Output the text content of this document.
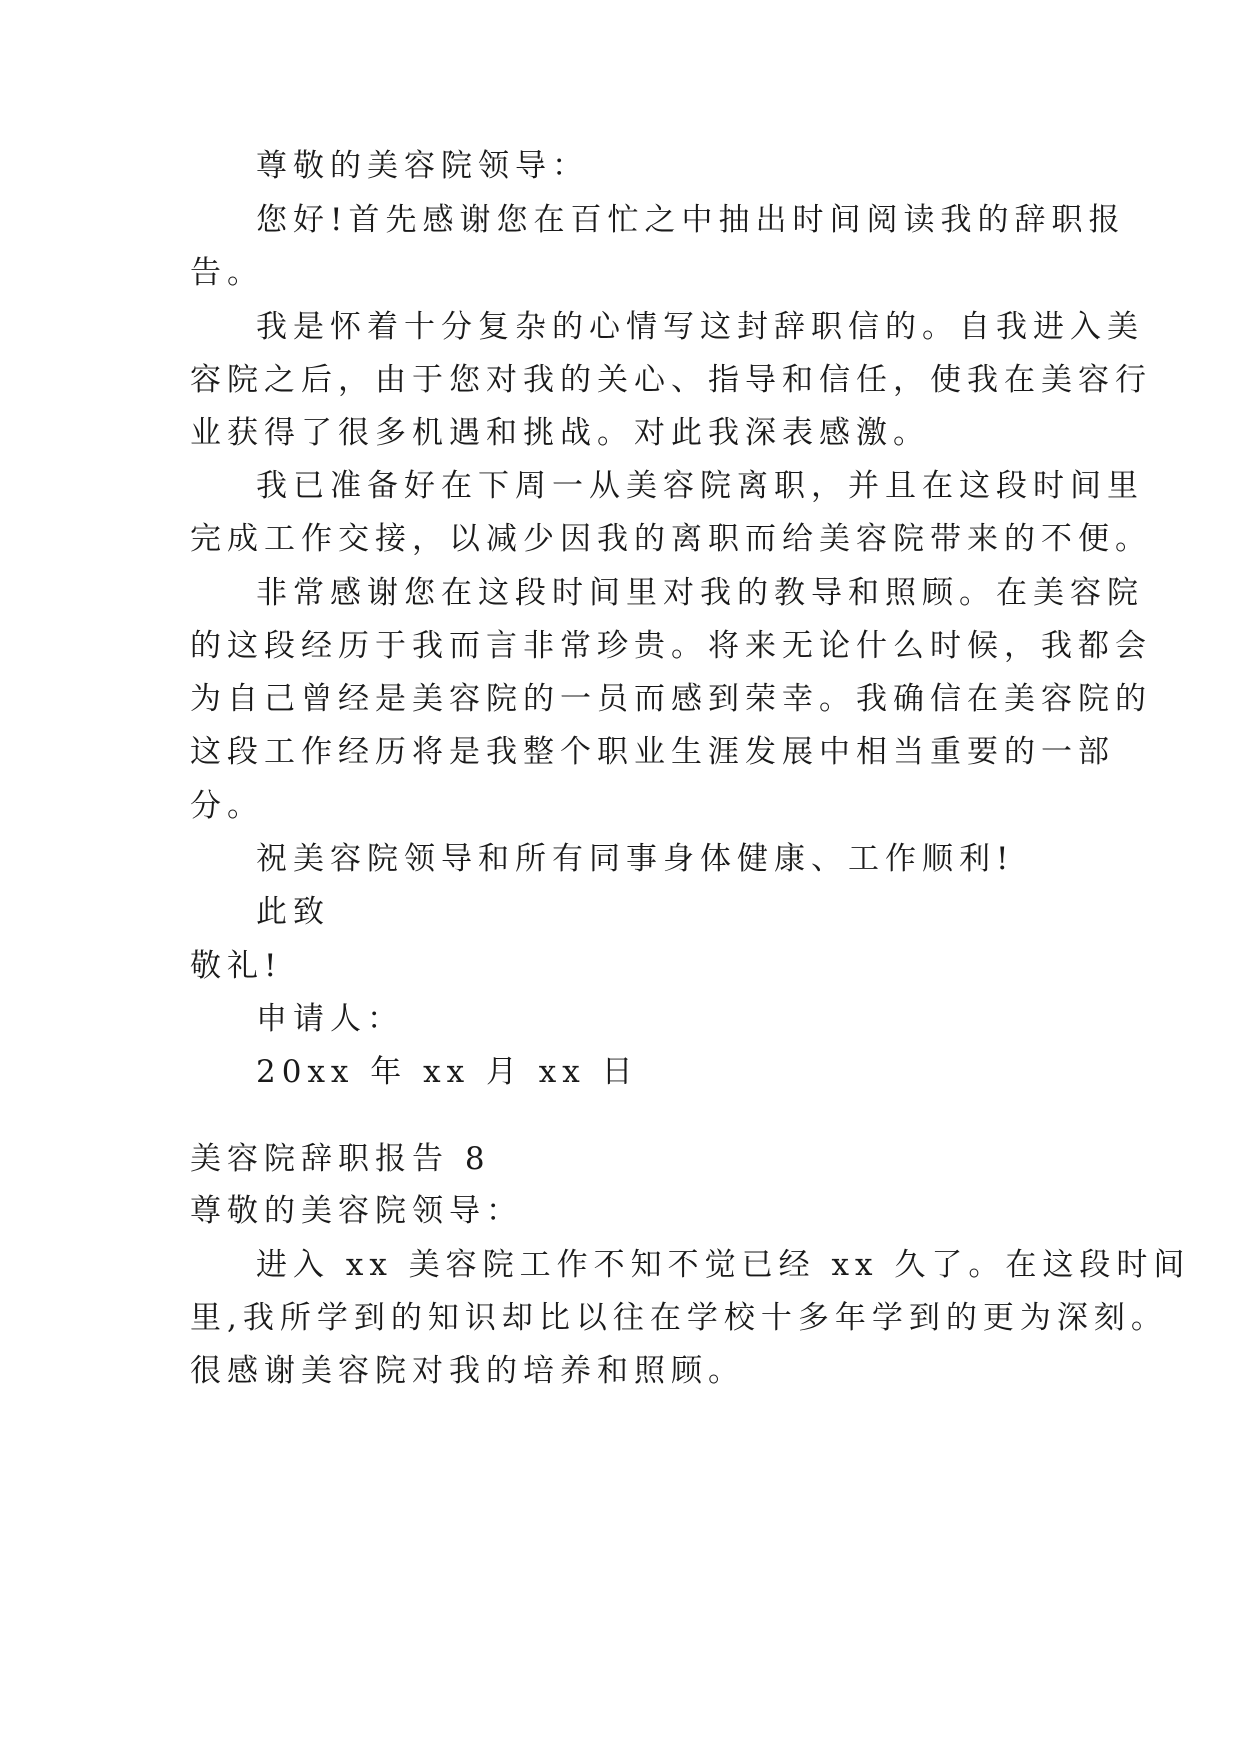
尊敬的美容院领导：
您好!首先感谢您在百忙之中抽出时间阅读我的辞职报
告。
我是怀着十分复杂的心情写这封辞职信的。自我进入美
容院之后，由于您对我的关心、指导和信任，使我在美容行
业获得了很多机遇和挑战。对此我深表感激。
我已准备好在下周一从美容院离职，并且在这段时间里
完成工作交接，以减少因我的离职而给美容院带来的不便。
非常感谢您在这段时间里对我的教导和照顾。在美容院
的这段经历于我而言非常珍贵。将来无论什么时候，我都会
为自己曾经是美容院的一员而感到荣幸。我确信在美容院的
这段工作经历将是我整个职业生涯发展中相当重要的一部
分。
祝美容院领导和所有同事身体健康、工作顺利!
此致
敬礼!
申请人：
20xx 年 xx 月 xx 日
美容院辞职报告 8
尊敬的美容院领导：
进入 xx 美容院工作不知不觉已经 xx 久了。在这段时间
里,我所学到的知识却比以往在学校十多年学到的更为深刻。
很感谢美容院对我的培养和照顾。
